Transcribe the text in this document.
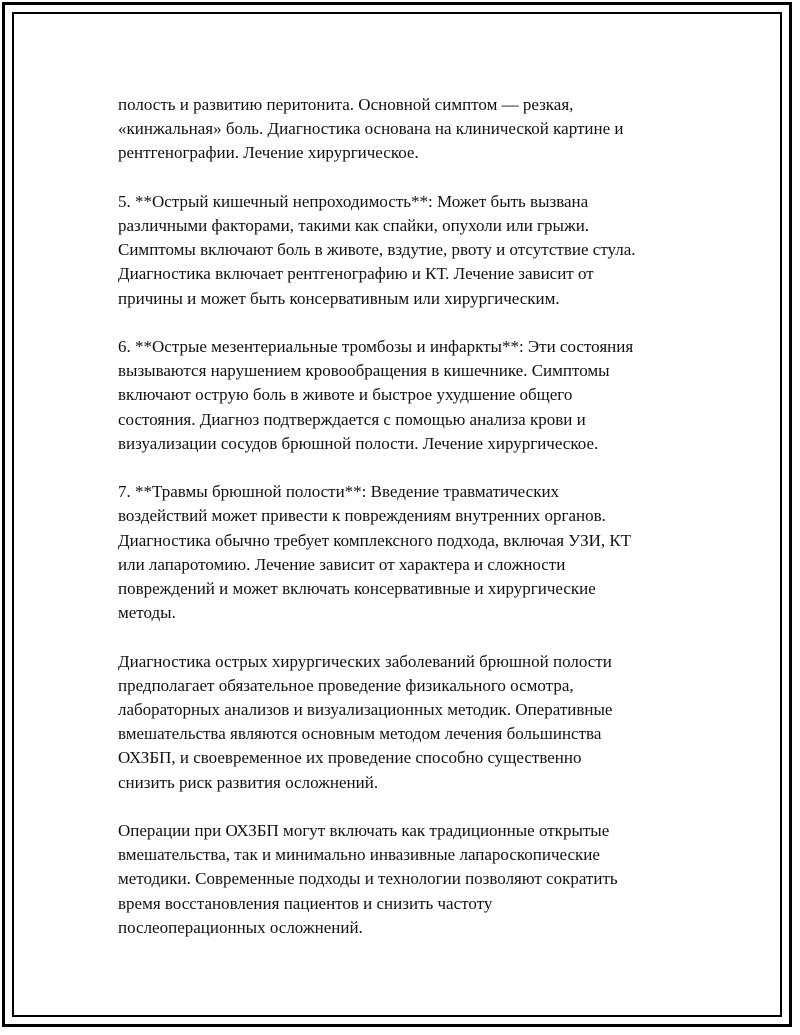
полость и развитию перитонита. Основной симптом — резкая,
«кинжальная» боль. Диагностика основана на клинической картине и
рентгенографии. Лечение хирургическое.

5. **Острый кишечный непроходимость**: Может быть вызвана
различными факторами, такими как спайки, опухоли или грыжи.
Симптомы включают боль в животе, вздутие, рвоту и отсутствие стула.
Диагностика включает рентгенографию и КТ. Лечение зависит от
причины и может быть консервативным или хирургическим.

6. **Острые мезентериальные тромбозы и инфаркты**: Эти состояния
вызываются нарушением кровообращения в кишечнике. Симптомы
включают острую боль в животе и быстрое ухудшение общего
состояния. Диагноз подтверждается с помощью анализа крови и
визуализации сосудов брюшной полости. Лечение хирургическое.

7. **Травмы брюшной полости**: Введение травматических
воздействий может привести к повреждениям внутренних органов.
Диагностика обычно требует комплексного подхода, включая УЗИ, КТ
или лапаротомию. Лечение зависит от характера и сложности
повреждений и может включать консервативные и хирургические
методы.

Диагностика острых хирургических заболеваний брюшной полости
предполагает обязательное проведение физикального осмотра,
лабораторных анализов и визуализационных методик. Оперативные
вмешательства являются основным методом лечения большинства
ОХЗБП, и своевременное их проведение способно существенно
снизить риск развития осложнений.

Операции при ОХЗБП могут включать как традиционные открытые
вмешательства, так и минимально инвазивные лапароскопические
методики. Современные подходы и технологии позволяют сократить
время восстановления пациентов и снизить частоту
послеоперационных осложнений.
